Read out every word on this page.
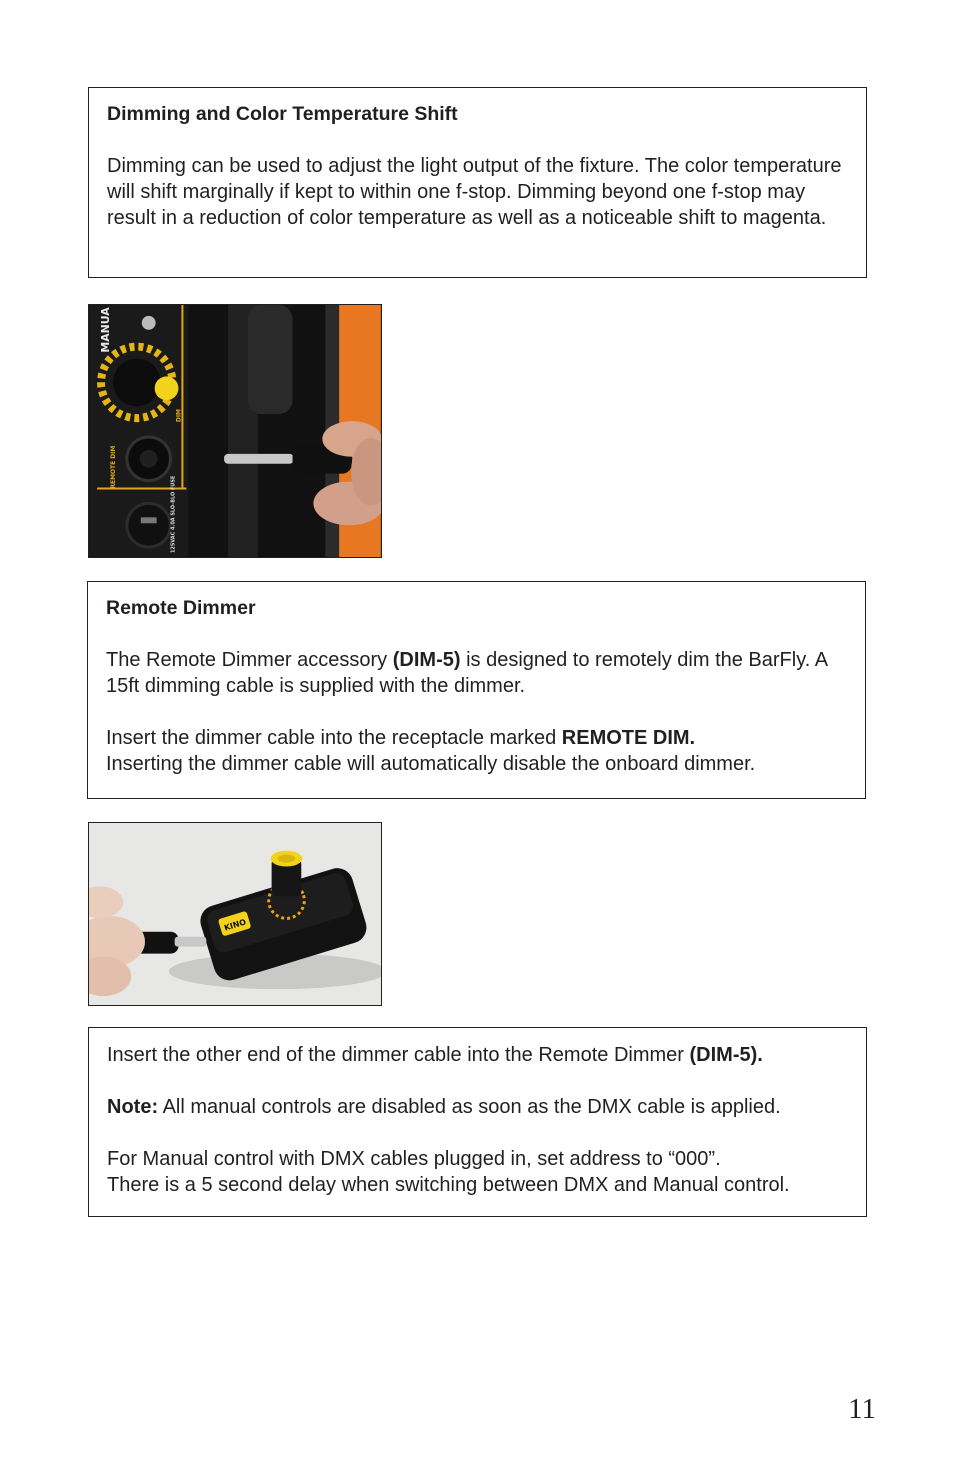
Dimming and Color Temperature Shift

Dimming can be used to adjust the light output of the fixture. The color temperature will shift marginally if kept to within one f-stop. Dimming beyond one f-stop may result in a reduction of color temperature as well as a noticeable shift to magenta.

MANUA
REMOTE DIM
DIM
125VAC 4.0A SLO-BLO FUSE

Remote Dimmer

The Remote Dimmer accessory (DIM-5) is designed to remotely dim the BarFly. A 15ft dimming cable is supplied with the dimmer.

Insert the dimmer cable into the receptacle marked REMOTE DIM.
Inserting the dimmer cable will automatically disable the onboard dimmer.

KINO

Insert the other end of the dimmer cable into the Remote Dimmer (DIM-5).

Note: All manual controls are disabled as soon as the DMX cable is applied.

For Manual control with DMX cables plugged in, set address to “000”.
There is a 5 second delay when switching between DMX and Manual control.

11
